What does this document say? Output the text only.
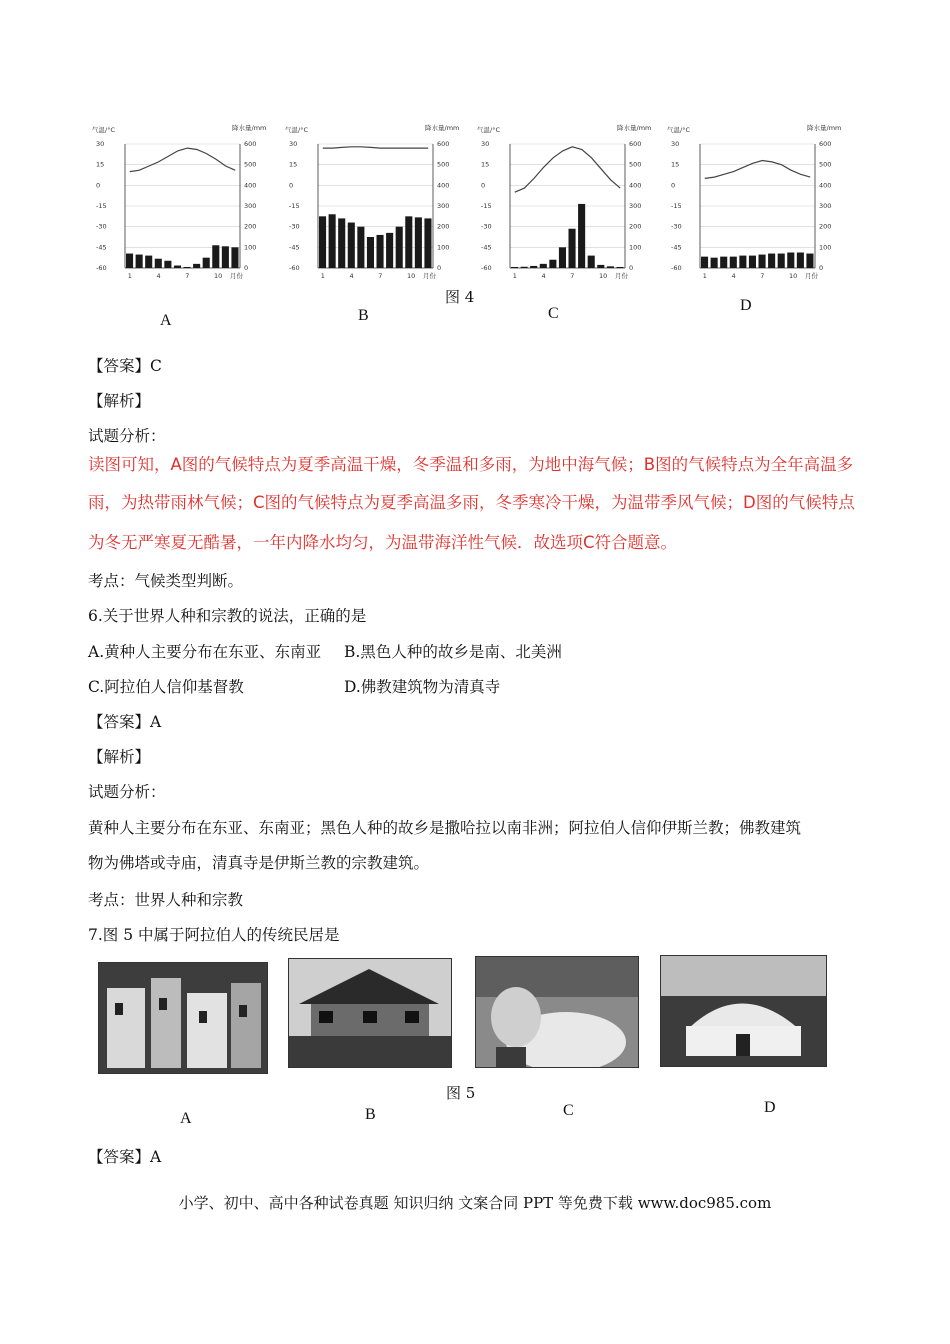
气温/°C	降水量/mm
30	600
15	500
0	400
-15	300
-30	200
-45	100
-60	0
1	4	7	10 月份
气温/°C	降水量/mm
30	600
15	500
0	400
-15	300
-30	200
-45	100
-60	0
1	4	7	10 月份
气温/°C	降水量/mm
30	600
15	500
0	400
-15	300
-30	200
-45	100
-60	0
1	4	7	10 月份
气温/°C	降水量/mm
30	600
15	500
0	400
-15	300
-30	200
-45	100
-60	0
1	4	7	10 月份
图 4
A	B	C	D
【答案】C
【解析】
试题分析：
读图可知，A图的气候特点为夏季高温干燥，冬季温和多雨，为地中海气候；B图的气候特点为全年高温多
雨，为热带雨林气候；C图的气候特点为夏季高温多雨，冬季寒冷干燥，为温带季风气候；D图的气候特点
为冬无严寒夏无酷暑，一年内降水均匀，为温带海洋性气候．故选项C符合题意。
考点：气候类型判断。
6.关于世界人种和宗教的说法，正确的是
A.黄种人主要分布在东亚、东南亚 B.黑色人种的故乡是南、北美洲
C.阿拉伯人信仰基督教	D.佛教建筑物为清真寺
【答案】A
【解析】
试题分析：
黄种人主要分布在东亚、东南亚；黑色人种的故乡是撒哈拉以南非洲；阿拉伯人信仰伊斯兰教；佛教建筑
物为佛塔或寺庙，清真寺是伊斯兰教的宗教建筑。
考点：世界人种和宗教
7.图 5 中属于阿拉伯人的传统民居是
图 5
A	B	C	D
【答案】A
小学、初中、高中各种试卷真题 知识归纳 文案合同 PPT 等免费下载 www.doc985.com
